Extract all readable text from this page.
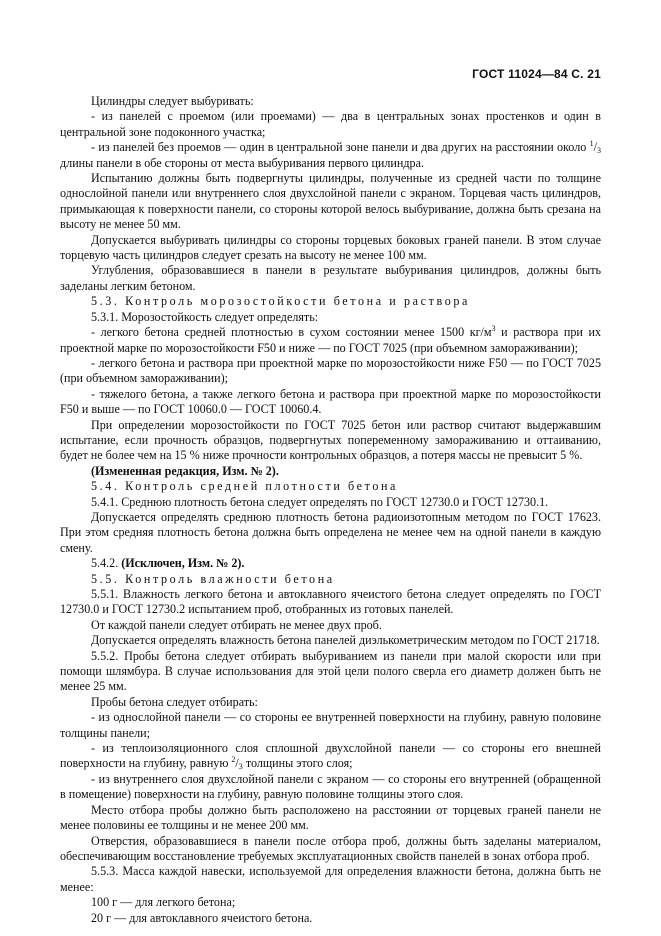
ГОСТ 11024—84 С. 21

Цилиндры следует выбуривать:

- из панелей с проемом (или проемами) — два в центральных зонах простенков и один в центральной зоне подоконного участка;

- из панелей без проемов — один в центральной зоне панели и два других на расстоянии около $^1/_3$ длины панели в обе стороны от места выбуривания первого цилиндра.

Испытанию должны быть подвергнуты цилиндры, полученные из средней части по толщине однослойной панели или внутреннего слоя двухслойной панели с экраном. Торцевая часть цилиндров, примыкающая к поверхности панели, со стороны которой велось выбуривание, должна быть срезана на высоту не менее 50 мм.

Допускается выбуривать цилиндры со стороны торцевых боковых граней панели. В этом случае торцевую часть цилиндров следует срезать на высоту не менее 100 мм.

Углубления, образовавшиеся в панели в результате выбуривания цилиндров, должны быть заделаны легким бетоном.

5.3. Контроль морозостойкости бетона и раствора

5.3.1. Морозостойкость следует определять:

- легкого бетона средней плотностью в сухом состоянии менее 1500 $кг/м^3$ и раствора при их проектной марке по морозостойкости F50 и ниже — по ГОСТ 7025 (при объемном замораживании);

- легкого бетона и раствора при проектной марке по морозостойкости ниже F50 — по ГОСТ 7025 (при объемном замораживании);

- тяжелого бетона, а также легкого бетона и раствора при проектной марке по морозостойкости F50 и выше — по ГОСТ 10060.0 — ГОСТ 10060.4.

При определении морозостойкости по ГОСТ 7025 бетон или раствор считают выдержавшим испытание, если прочность образцов, подвергнутых попеременному замораживанию и оттаиванию, будет не более чем на 15 % ниже прочности контрольных образцов, а потеря массы не превысит 5 %.

(Измененная редакция, Изм. № 2).

5.4. Контроль средней плотности бетона

5.4.1. Среднюю плотность бетона следует определять по ГОСТ 12730.0 и ГОСТ 12730.1.

Допускается определять среднюю плотность бетона радиоизотопным методом по ГОСТ 17623. При этом средняя плотность бетона должна быть определена не менее чем на одной панели в каждую смену.

5.4.2. (Исключен, Изм. № 2).

5.5. Контроль влажности бетона

5.5.1. Влажность легкого бетона и автоклавного ячеистого бетона следует определять по ГОСТ 12730.0 и ГОСТ 12730.2 испытанием проб, отобранных из готовых панелей.

От каждой панели следует отбирать не менее двух проб.

Допускается определять влажность бетона панелей диэлькометрическим методом по ГОСТ 21718.

5.5.2. Пробы бетона следует отбирать выбуриванием из панели при малой скорости или при помощи шлямбура. В случае использования для этой цели полого сверла его диаметр должен быть не менее 25 мм.

Пробы бетона следует отбирать:

- из однослойной панели — со стороны ее внутренней поверхности на глубину, равную половине толщины панели;

- из теплоизоляционного слоя сплошной двухслойной панели — со стороны его внешней поверхности на глубину, равную $^2/_3$ толщины этого слоя;

- из внутреннего слоя двухслойной панели с экраном — со стороны его внутренней (обращенной в помещение) поверхности на глубину, равную половине толщины этого слоя.

Место отбора пробы должно быть расположено на расстоянии от торцевых граней панели не менее половины ее толщины и не менее 200 мм.

Отверстия, образовавшиеся в панели после отбора проб, должны быть заделаны материалом, обеспечивающим восстановление требуемых эксплуатационных свойств панелей в зонах отбора проб.

5.5.3. Масса каждой навески, используемой для определения влажности бетона, должна быть не менее:

100 г — для легкого бетона;

20 г — для автоклавного ячеистого бетона.
